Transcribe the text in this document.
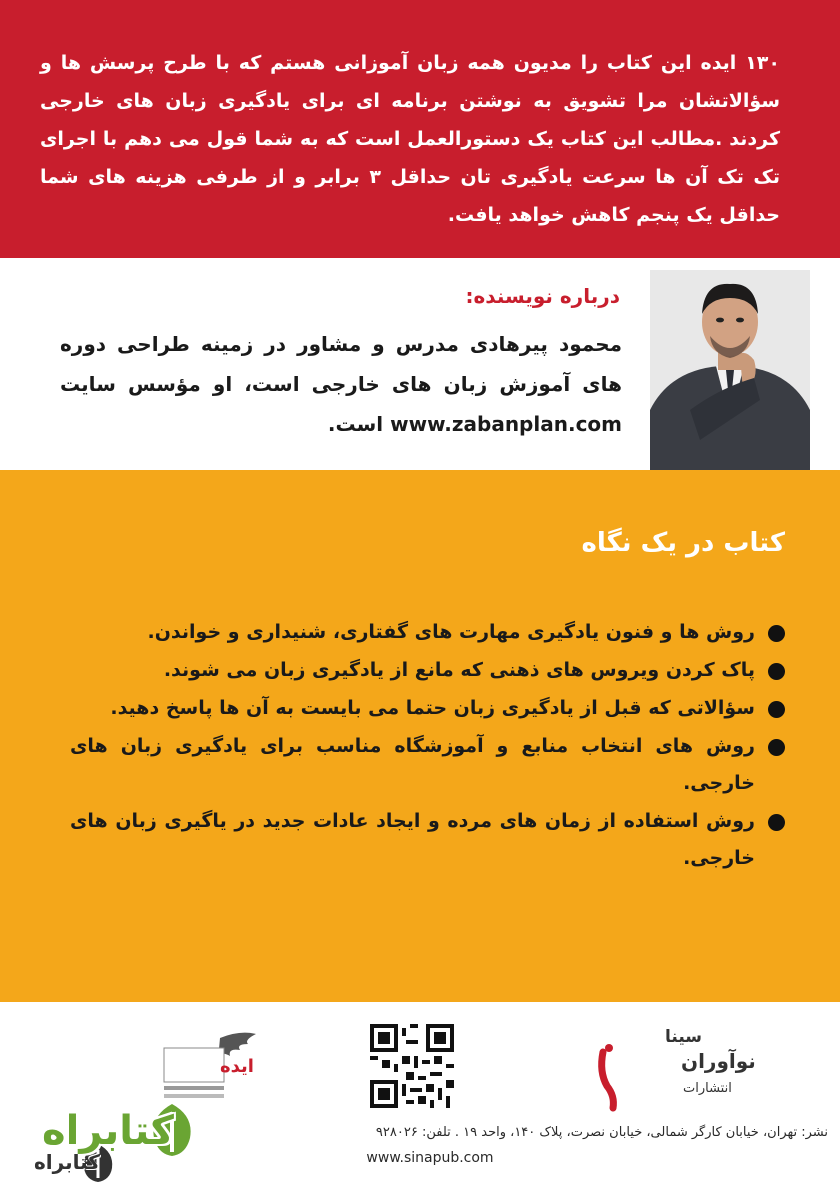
۱۳۰ ایده این کتاب را مدیون همه زبان آموزانی هستم که با طرح پرسش ها و سؤالاتشان مرا تشویق به نوشتن برنامه ای برای یادگیری زبان های خارجی کردند .مطالب این کتاب یک دستورالعمل است که به شما قول می دهم با اجرای تک تک آن ها سرعت یادگیری تان حداقل ۳ برابر و از طرفی هزینه های شما حداقل یک پنجم کاهش خواهد یافت.

درباره نویسنده:

محمود پیرهادی مدرس و مشاور در زمینه طراحی دوره های آموزش زبان های خارجی است، او مؤسس سایت www.zabanplan.com است.

کتاب در یک نگاه
روش ها و فنون یادگیری مهارت های گفتاری، شنیداری و خواندن.
پاک کردن ویروس های ذهنی که مانع از یادگیری زبان می شوند.
سؤالاتی که قبل از یادگیری زبان حتما می بایست به آن ها پاسخ دهید.
روش های انتخاب منابع و آموزشگاه مناسب برای یادگیری زبان های خارجی.
روش استفاده از زمان های مرده و ایجاد عادات جدید در یاگیری زبان های خارجی.
سینا
نوآوران
انتشارات
ایده
نشر: تهران، خیابان کارگر شمالی، خیابان نصرت، پلاک ۱۴۰، واحد ۱۹ . تلفن: ۹۲۸۰۲۶
www.sinapub.com
کتابراه
کتابراه
